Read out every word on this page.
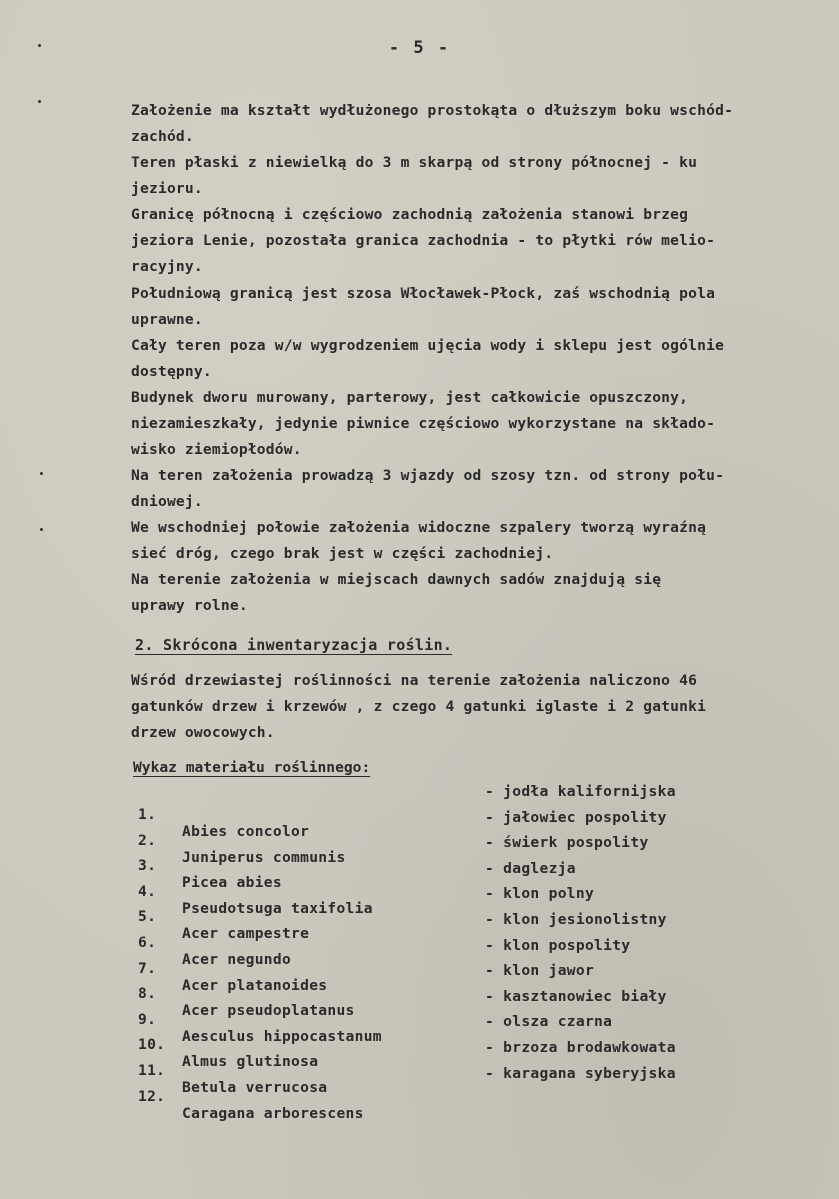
- 5 -
Założenie ma kształt wydłużonego prostokąta o dłuższym boku wschód-
zachód.
Teren płaski z niewielką do 3 m skarpą od strony północnej - ku
jezioru.
Granicę północną i częściowo zachodnią założenia stanowi brzeg
jeziora Lenie, pozostała granica zachodnia - to płytki rów melio-
racyjny.
Południową granicą jest szosa Włocławek-Płock, zaś wschodnią pola
uprawne.
Cały teren poza w/w wygrodzeniem ujęcia wody i sklepu jest ogólnie
dostępny.
Budynek dworu murowany, parterowy, jest całkowicie opuszczony,
niezamieszkały, jedynie piwnice częściowo wykorzystane na składo-
wisko ziemiopłodów.
Na teren założenia prowadzą 3 wjazdy od szosy tzn. od strony połu-
dniowej.
We wschodniej połowie założenia widoczne szpalery tworzą wyraźną
sieć dróg, czego brak jest w części zachodniej.
Na terenie założenia w miejscach dawnych sadów znajdują się
uprawy rolne.
2. Skrócona inwentaryzacja roślin.
Wśród drzewiastej roślinności na terenie założenia naliczono 46
gatunków drzew i krzewów , z czego 4 gatunki iglaste i 2 gatunki
drzew owocowych.
Wykaz materiału roślinnego:

1.

Abies concolor

- jodła kalifornijska

2.

Juniperus communis

- jałowiec pospolity

3.

Picea abies

- świerk pospolity

4.

Pseudotsuga taxifolia

- daglezja

5.

Acer campestre

- klon polny

6.

Acer negundo

- klon jesionolistny

7.

Acer platanoides

- klon pospolity

8.

Acer pseudoplatanus

- klon jawor

9.

Aesculus hippocastanum

- kasztanowiec biały

10.

Almus glutinosa

- olsza czarna

11.

Betula verrucosa

- brzoza brodawkowata

12.

Caragana arborescens

- karagana syberyjska
